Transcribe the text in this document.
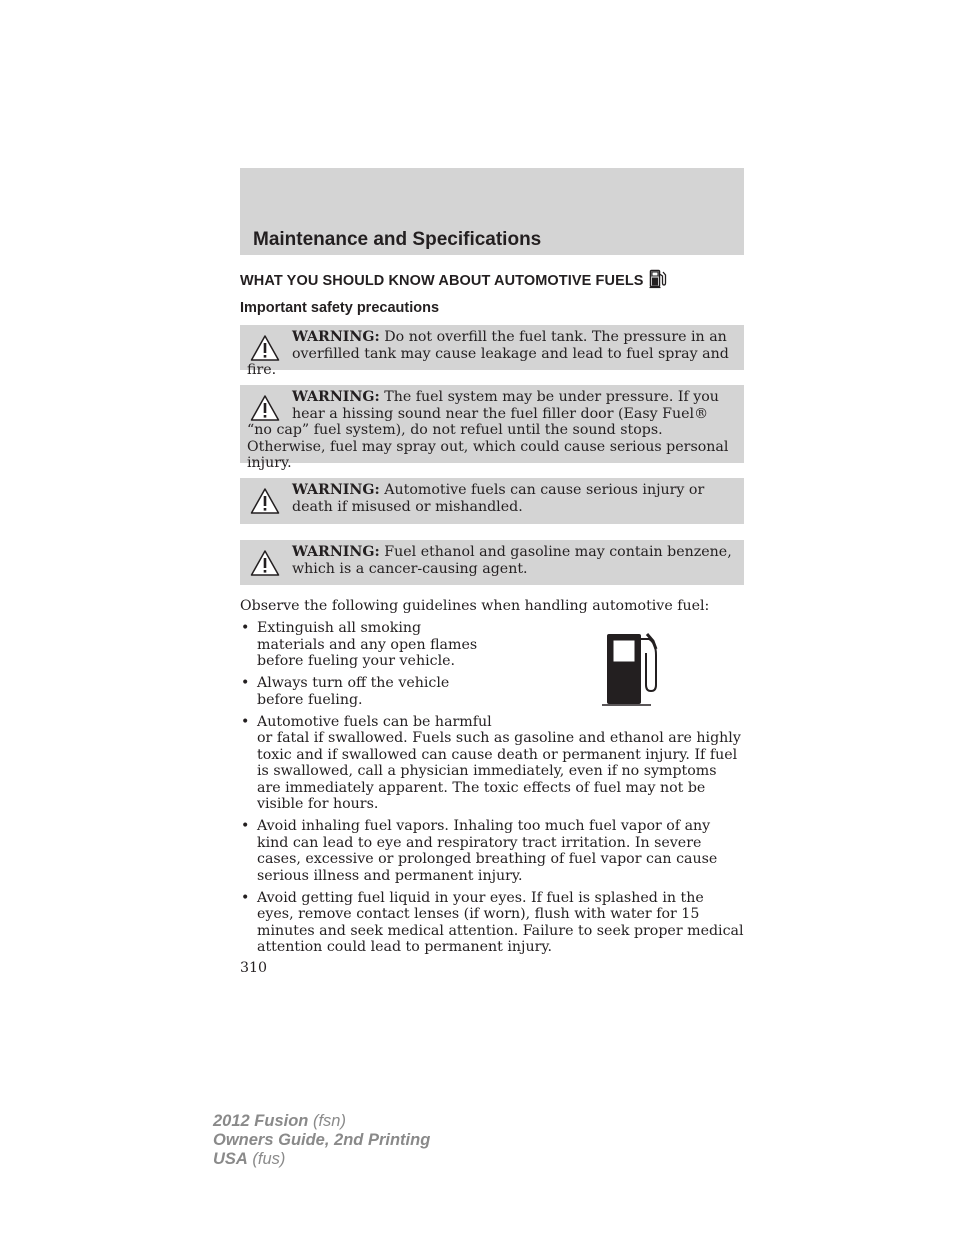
Maintenance and Specifications
WHAT YOU SHOULD KNOW ABOUT AUTOMOTIVE FUELS
Important safety precautions
WARNING: Do not overfill the fuel tank. The pressure in an overfilled tank may cause leakage and lead to fuel spray and fire.
WARNING: The fuel system may be under pressure. If you hear a hissing sound near the fuel filler door (Easy Fuel® “no cap” fuel system), do not refuel until the sound stops. Otherwise, fuel may spray out, which could cause serious personal injury.
WARNING: Automotive fuels can cause serious injury or death if misused or mishandled.
WARNING: Fuel ethanol and gasoline may contain benzene, which is a cancer-causing agent.

Observe the following guidelines when handling automotive fuel:

• Extinguish all smoking materials and any open flames before fueling your vehicle.
• Always turn off the vehicle before fueling.
• Automotive fuels can be harmful
or fatal if swallowed. Fuels such as gasoline and ethanol are highly toxic and if swallowed can cause death or permanent injury. If fuel is swallowed, call a physician immediately, even if no symptoms are immediately apparent. The toxic effects of fuel may not be visible for hours.
• Avoid inhaling fuel vapors. Inhaling too much fuel vapor of any kind can lead to eye and respiratory tract irritation. In severe cases, excessive or prolonged breathing of fuel vapor can cause serious illness and permanent injury.
• Avoid getting fuel liquid in your eyes. If fuel is splashed in the eyes, remove contact lenses (if worn), flush with water for 15 minutes and seek medical attention. Failure to seek proper medical attention could lead to permanent injury.

310

2012 Fusion (fsn)
Owners Guide, 2nd Printing
USA (fus)
